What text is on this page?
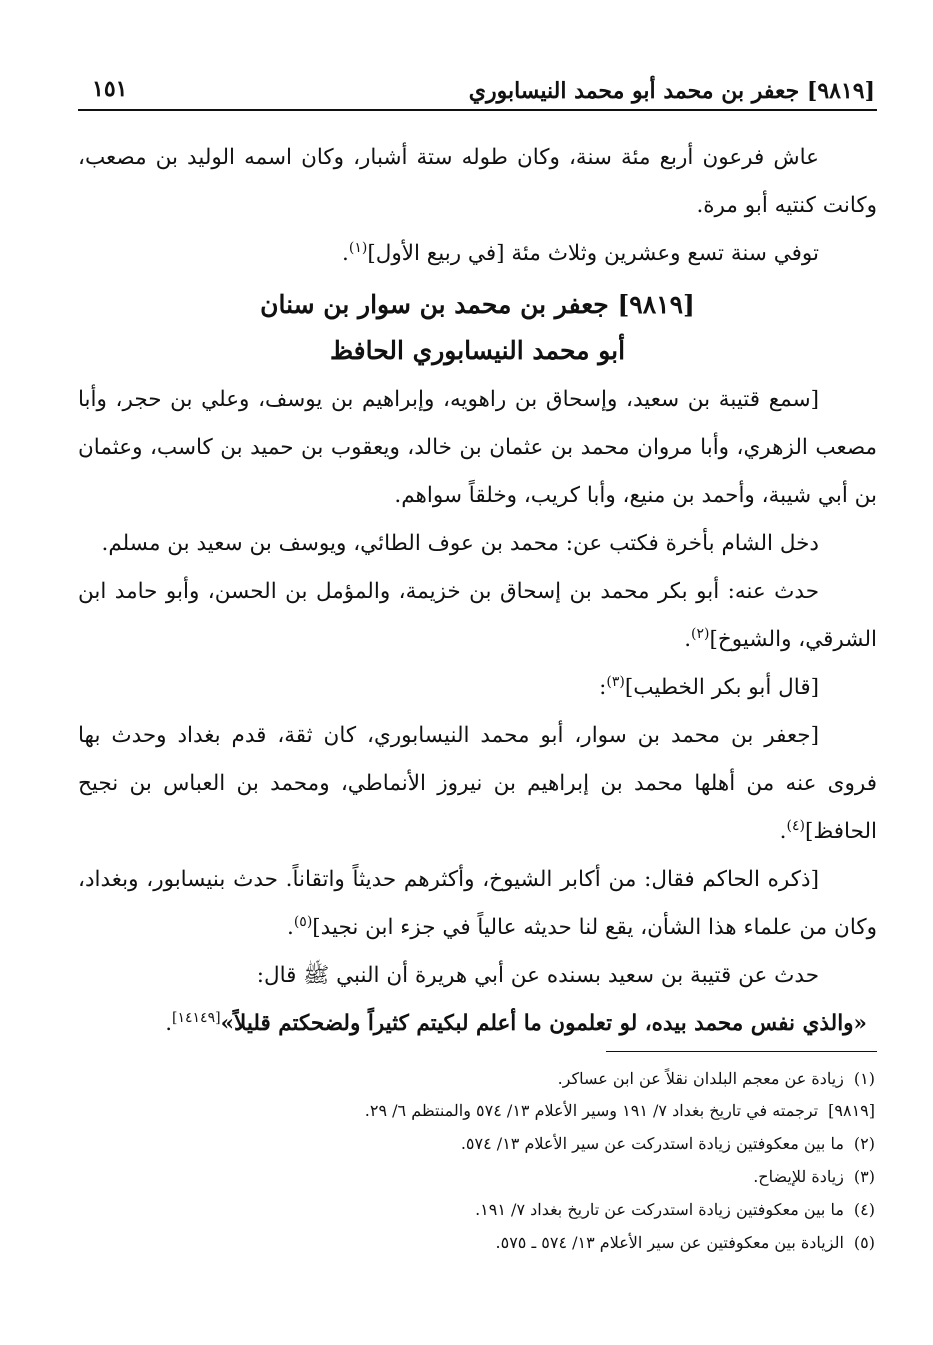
[٩٨١٩] جعفر بن محمد أبو محمد النيسابوري
١٥١

عاش فرعون أربع مئة سنة، وكان طوله ستة أشبار، وكان اسمه الوليد بن مصعب، وكانت كنتيه أبو مرة.

توفي سنة تسع وعشرين وثلاث مئة [في ربيع الأول]$^{(١)}$.

[٩٨١٩] جعفر بن محمد بن سوار بن سنان
أبو محمد النيسابوري الحافظ

[سمع قتيبة بن سعيد، وإسحاق بن راهويه، وإبراهيم بن يوسف، وعلي بن حجر، وأبا مصعب الزهري، وأبا مروان محمد بن عثمان بن خالد، ويعقوب بن حميد بن كاسب، وعثمان بن أبي شيبة، وأحمد بن منيع، وأبا كريب، وخلقاً سواهم.

دخل الشام بأخرة فكتب عن: محمد بن عوف الطائي، ويوسف بن سعيد بن مسلم.

حدث عنه: أبو بكر محمد بن إسحاق بن خزيمة، والمؤمل بن الحسن، وأبو حامد ابن الشرقي، والشيوخ]$^{(٢)}$.

[قال أبو بكر الخطيب]$^{(٣)}$:

[جعفر بن محمد بن سوار، أبو محمد النيسابوري، كان ثقة، قدم بغداد وحدث بها فروى عنه من أهلها محمد بن إبراهيم بن نيروز الأنماطي، ومحمد بن العباس بن نجيح الحافظ]$^{(٤)}$.

[ذكره الحاكم فقال: من أكابر الشيوخ، وأكثرهم حديثاً واتقاناً. حدث بنيسابور، وبغداد، وكان من علماء هذا الشأن، يقع لنا حديثه عالياً في جزء ابن نجيد]$^{(٥)}$.

حدث عن قتيبة بن سعيد بسنده عن أبي هريرة أن النبي ﷺ قال:

«والذي نفس محمد بيده، لو تعلمون ما أعلم لبكيتم كثيراً ولضحكتم قليلاً»[١٤١٤٩].

(١)زيادة عن معجم البلدان نقلاً عن ابن عساكر.
[٩٨١٩]ترجمته في تاريخ بغداد ٧/ ١٩١ وسير الأعلام ١٣/ ٥٧٤ والمنتظم ٦/ ٢٩.
(٢)ما بين معكوفتين زيادة استدركت عن سير الأعلام ١٣/ ٥٧٤.
(٣)زيادة للإيضاح.
(٤)ما بين معكوفتين زيادة استدركت عن تاريخ بغداد ٧/ ١٩١.
(٥)الزيادة بين معكوفتين عن سير الأعلام ١٣/ ٥٧٤ ـ ٥٧٥.
